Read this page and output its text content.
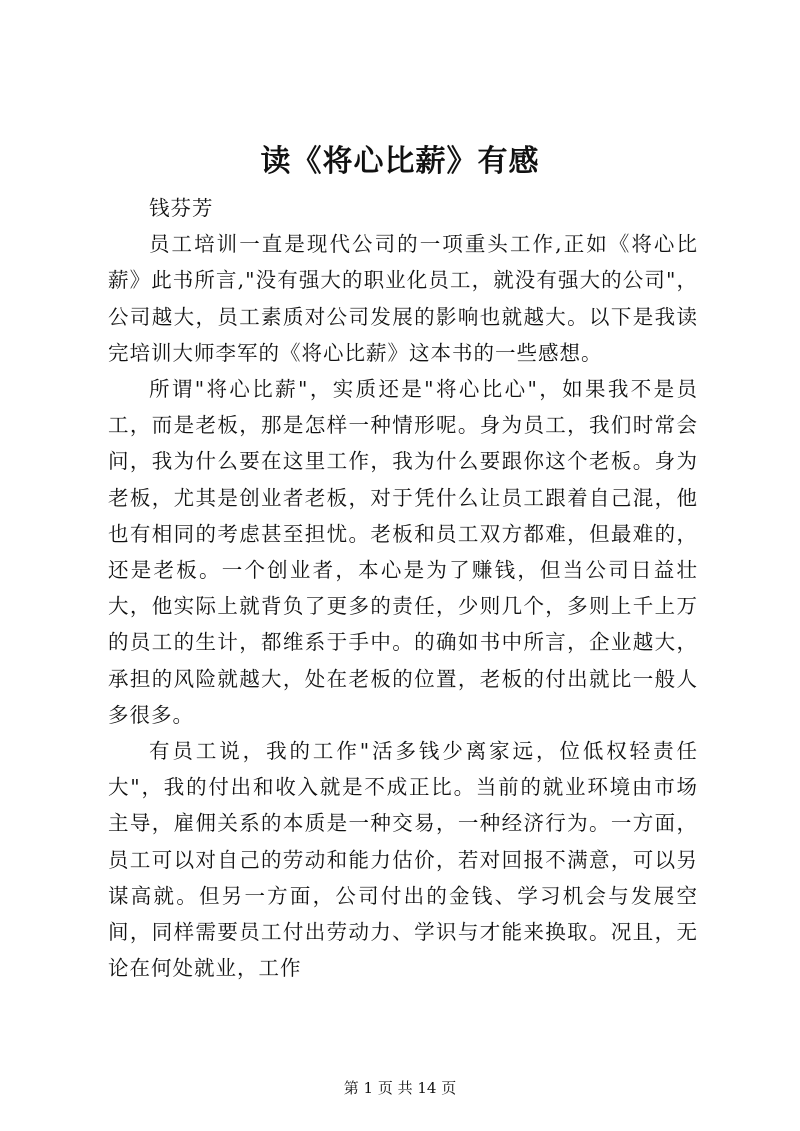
读《将心比薪》有感

钱芬芳

员工培训一直是现代公司的一项重头工作,正如《将心比薪》此书所言,"没有强大的职业化员工，就没有强大的公司"，公司越大，员工素质对公司发展的影响也就越大。以下是我读完培训大师李军的《将心比薪》这本书的一些感想。

所谓"将心比薪"，实质还是"将心比心"，如果我不是员工，而是老板，那是怎样一种情形呢。身为员工，我们时常会问，我为什么要在这里工作，我为什么要跟你这个老板。身为老板，尤其是创业者老板，对于凭什么让员工跟着自己混，他也有相同的考虑甚至担忧。老板和员工双方都难，但最难的，还是老板。一个创业者，本心是为了赚钱，但当公司日益壮大，他实际上就背负了更多的责任，少则几个，多则上千上万的员工的生计，都维系于手中。的确如书中所言，企业越大，承担的风险就越大，处在老板的位置，老板的付出就比一般人多很多。

有员工说，我的工作"活多钱少离家远，位低权轻责任大"，我的付出和收入就是不成正比。当前的就业环境由市场主导，雇佣关系的本质是一种交易，一种经济行为。一方面，员工可以对自己的劳动和能力估价，若对回报不满意，可以另谋高就。但另一方面，公司付出的金钱、学习机会与发展空间，同样需要员工付出劳动力、学识与才能来换取。况且，无论在何处就业，工作

第 1 页 共 14 页
